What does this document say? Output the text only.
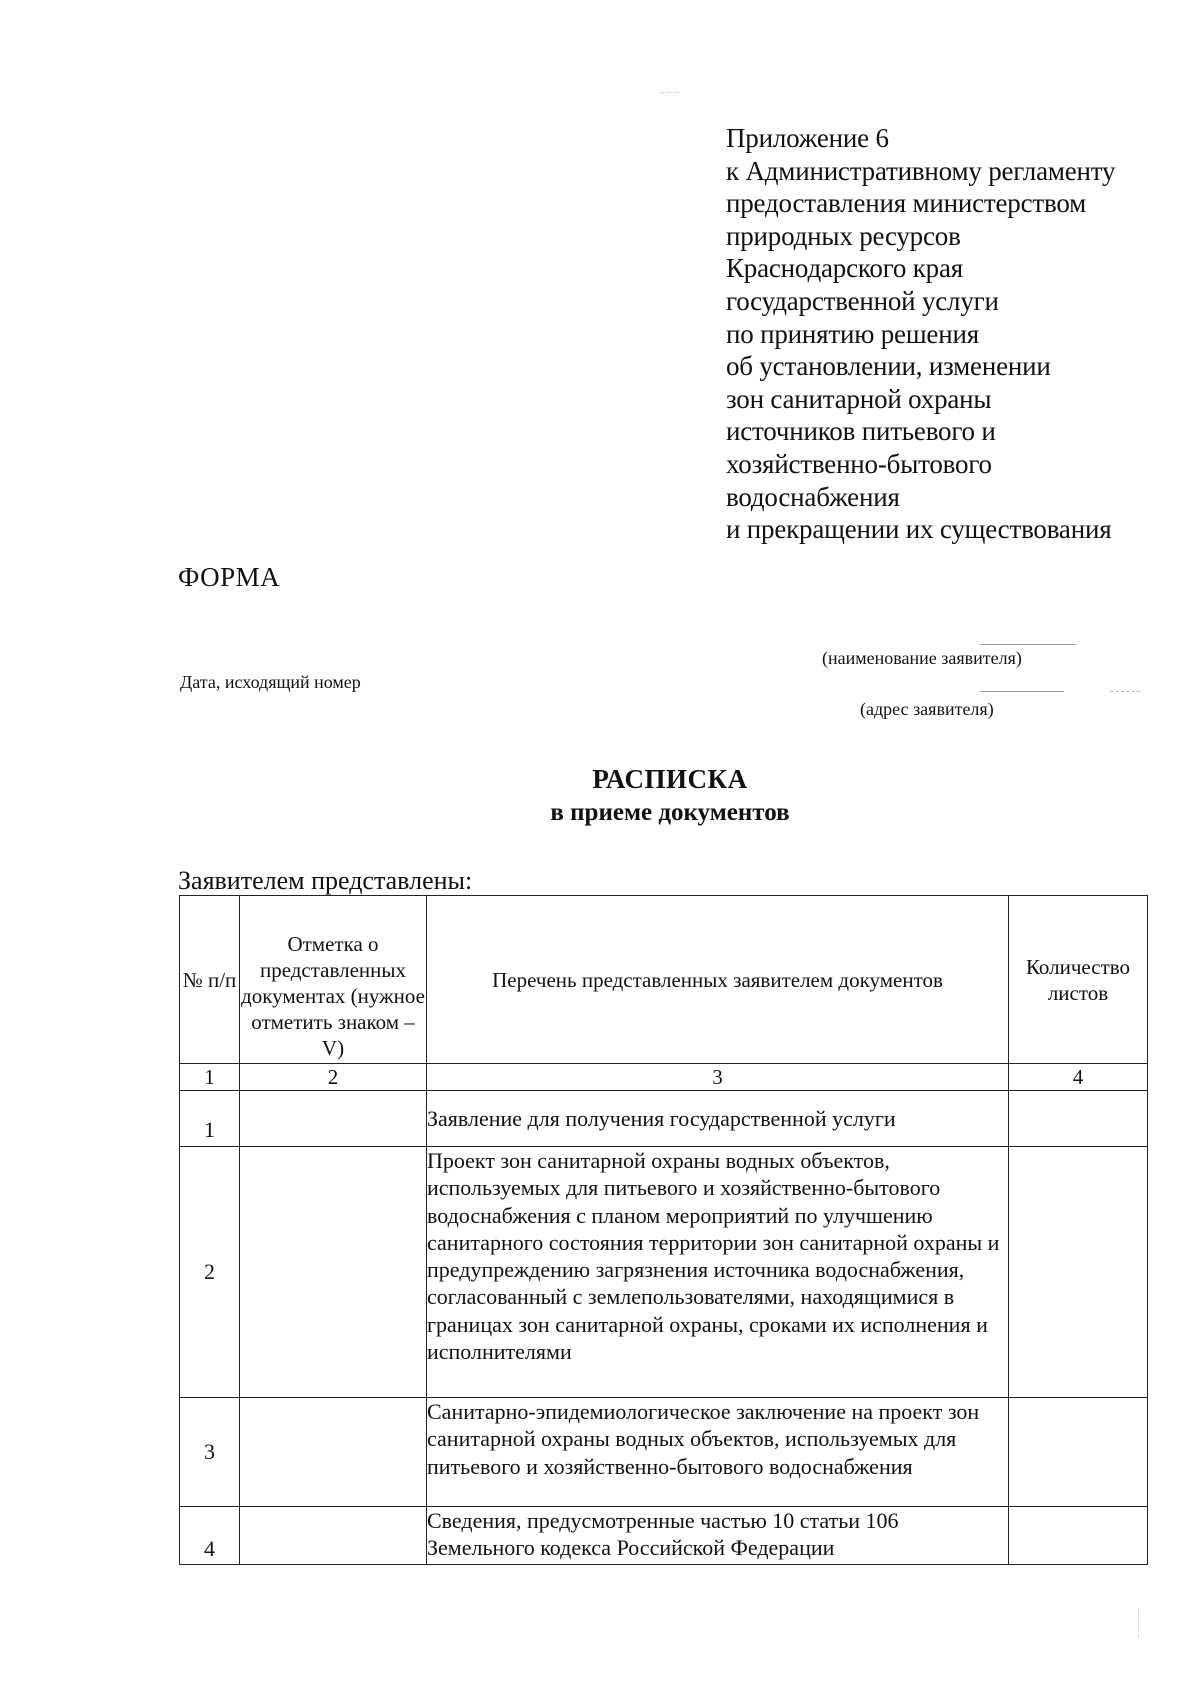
Приложение 6
к Административному регламенту
предоставления министерством
природных ресурсов
Краснодарского края
государственной услуги
по принятию решения
об установлении, изменении
зон санитарной охраны
источников питьевого и
хозяйственно-бытового
водоснабжения
и прекращении их существования
ФОРМА
(наименование заявителя)
Дата, исходящий номер
(адрес заявителя)
РАСПИСКА
в приеме документов
Заявителем представлены:
№ п/п	Отметка о представленных документах (нужное отметить знаком – V)	Перечень представленных заявителем документов	Количество листов
1	2	3	4
1		Заявление для получения государственной услуги	
2		Проект зон санитарной охраны водных объектов, используемых для питьевого и хозяйственно-бытового водоснабжения с планом мероприятий по улучшению санитарного состояния территории зон санитарной охраны и предупреждению загрязнения источника водоснабжения, согласованный с землепользователями, находящимися в границах зон санитарной охраны, сроками их исполнения и исполнителями	
3		Санитарно-эпидемиологическое заключение на проект зон санитарной охраны водных объектов, используемых для питьевого и хозяйственно-бытового водоснабжения	
4		Сведения, предусмотренные частью 10 статьи 106 Земельного кодекса Российской Федерации	
